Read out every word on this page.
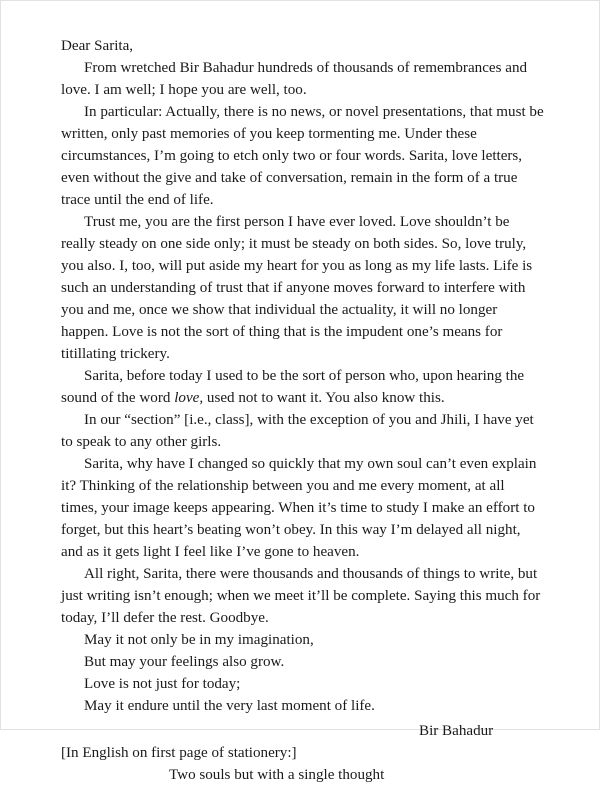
Dear Sarita,

From wretched Bir Bahadur hundreds of thousands of remembrances and love. I am well; I hope you are well, too.

In particular: Actually, there is no news, or novel presentations, that must be written, only past memories of you keep tormenting me. Under these circumstances, I’m going to etch only two or four words. Sarita, love letters, even without the give and take of conversation, remain in the form of a true trace until the end of life.

Trust me, you are the first person I have ever loved. Love shouldn’t be really steady on one side only; it must be steady on both sides. So, love truly, you also. I, too, will put aside my heart for you as long as my life lasts. Life is such an understanding of trust that if anyone moves forward to interfere with you and me, once we show that individual the actuality, it will no longer happen. Love is not the sort of thing that is the impudent one’s means for titillating trickery.

Sarita, before today I used to be the sort of person who, upon hearing the sound of the word love, used not to want it. You also know this.

In our “section” [i.e., class], with the exception of you and Jhili, I have yet to speak to any other girls.

Sarita, why have I changed so quickly that my own soul can’t even explain it? Thinking of the relationship between you and me every moment, at all times, your image keeps appearing. When it’s time to study I make an effort to forget, but this heart’s beating won’t obey. In this way I’m delayed all night, and as it gets light I feel like I’ve gone to heaven.

All right, Sarita, there were thousands and thousands of things to write, but just writing isn’t enough; when we meet it’ll be complete. Saying this much for today, I’ll defer the rest. Goodbye.

May it not only be in my imagination,

But may your feelings also grow.

Love is not just for today;

May it endure until the very last moment of life.

Bir Bahadur

[In English on first page of stationery:]

Two souls but with a single thought
